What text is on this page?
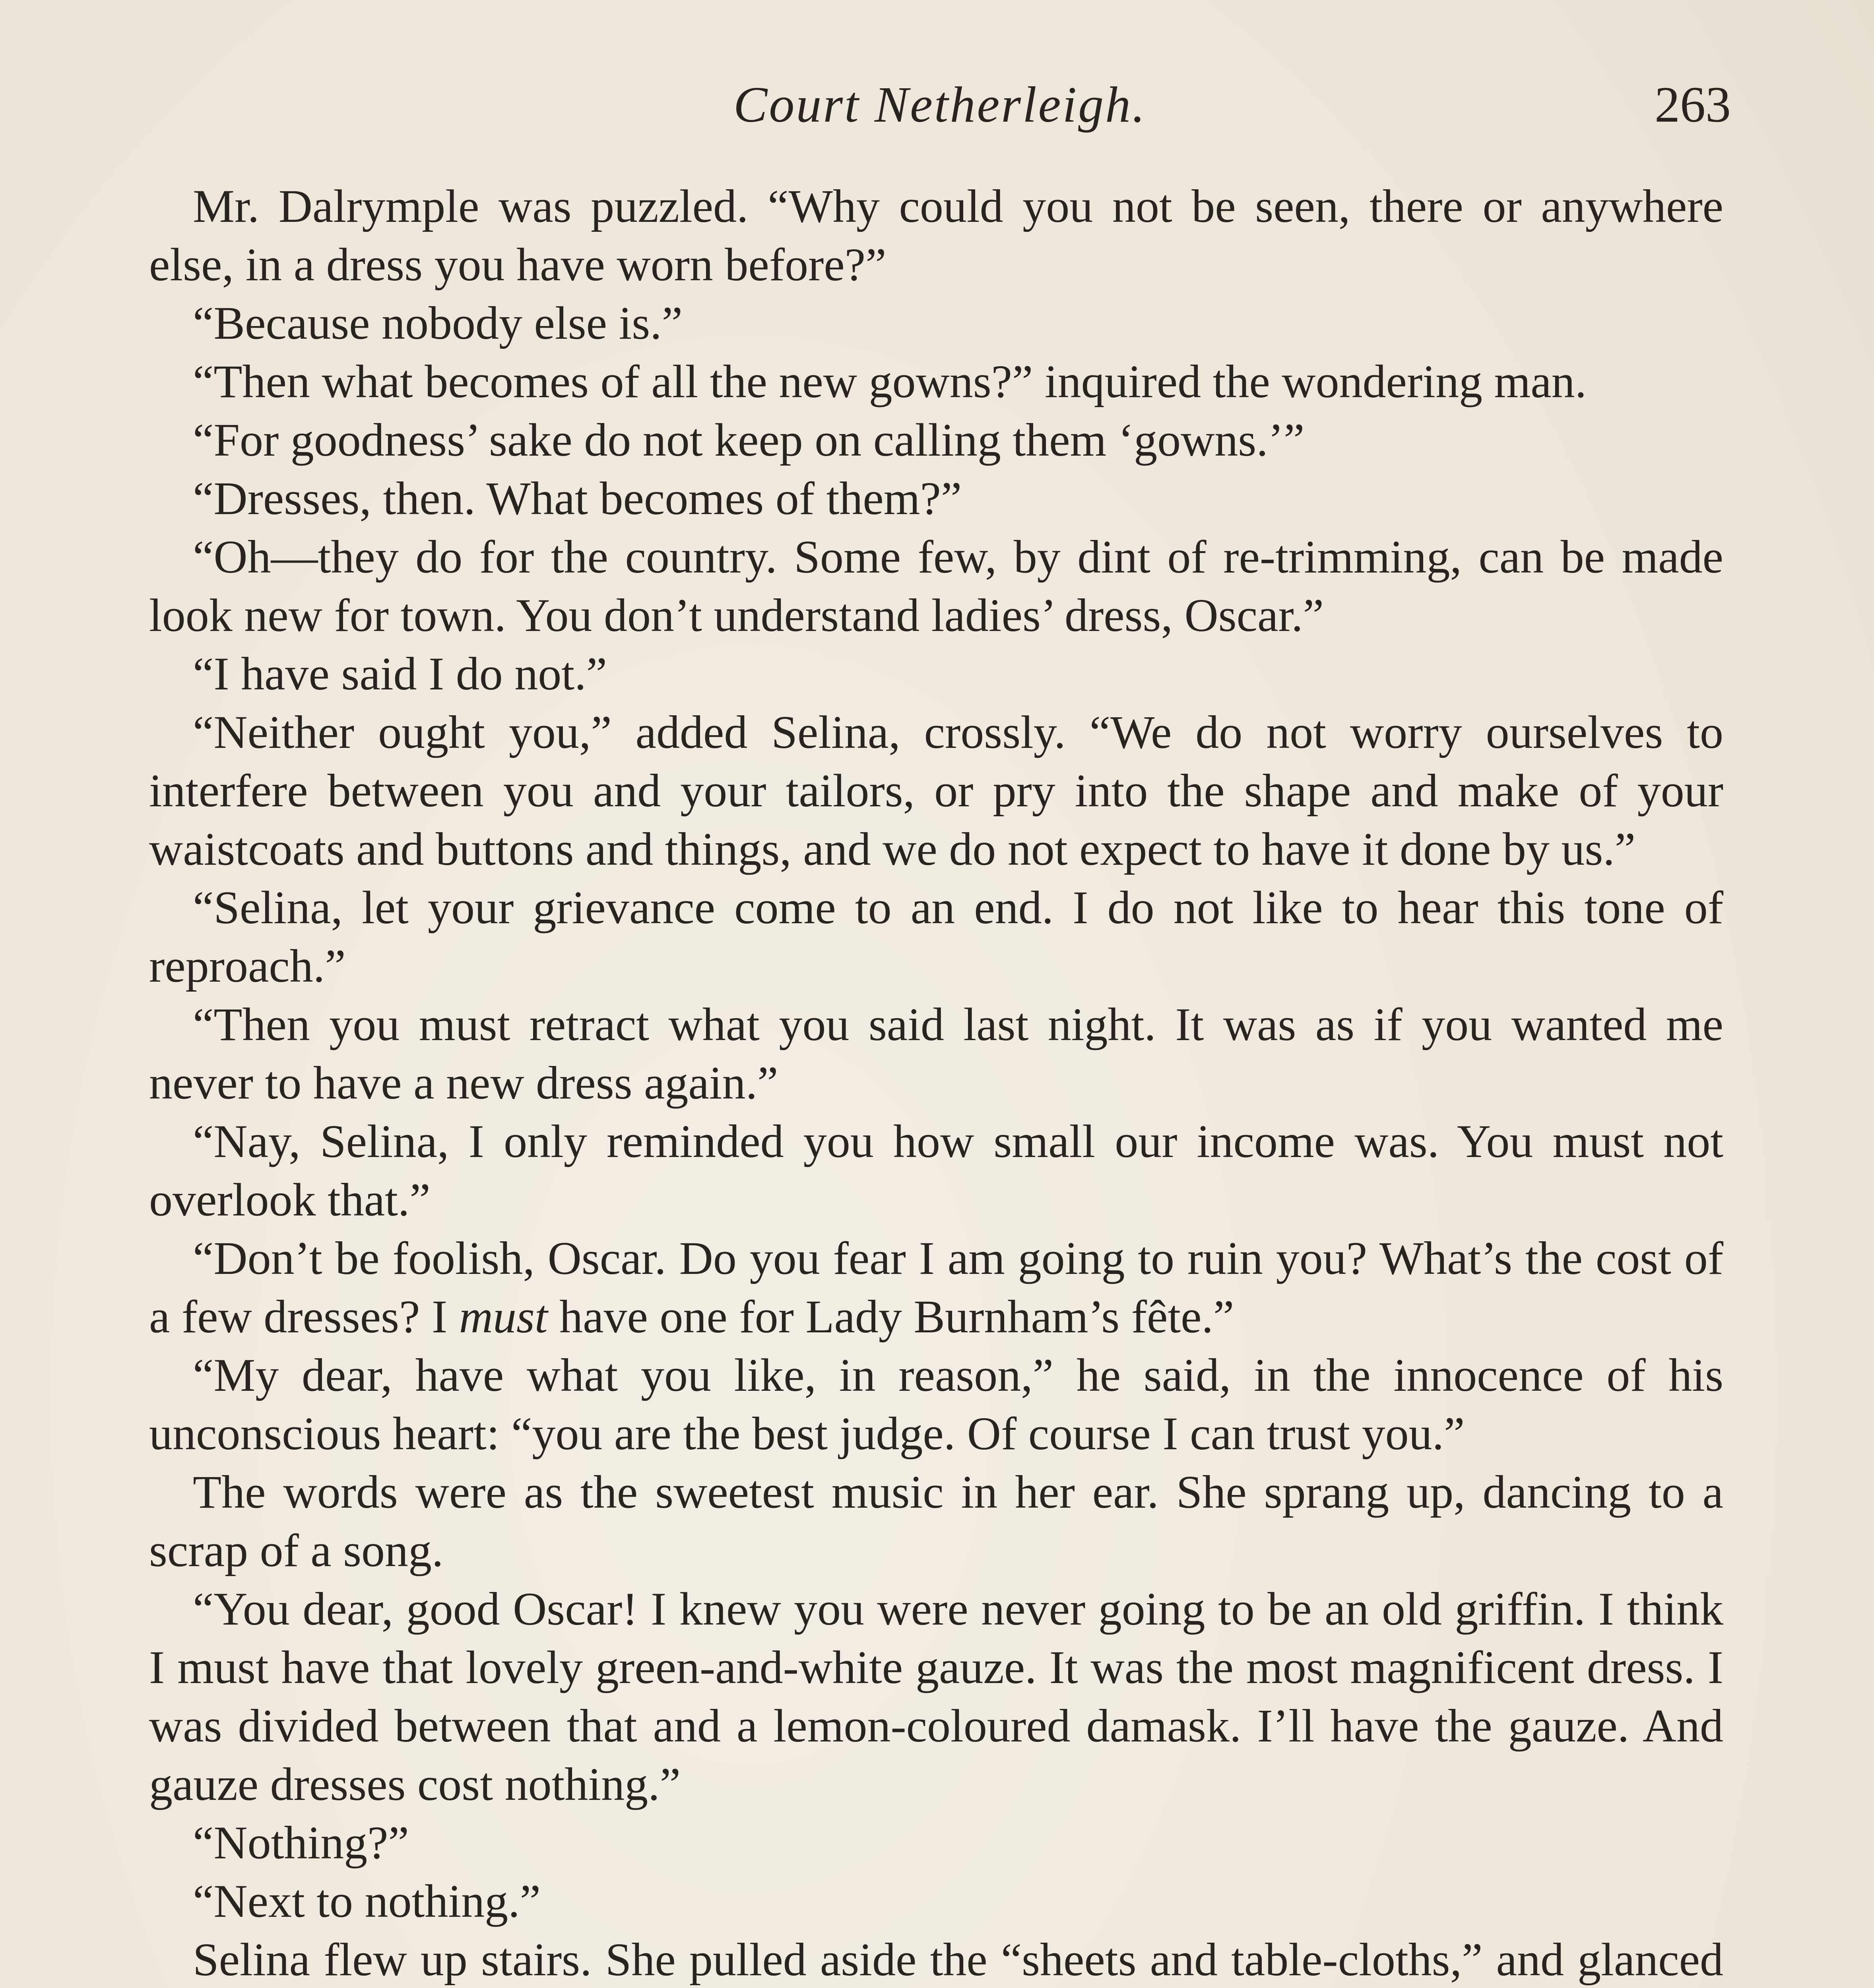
Court Netherleigh.	263

Mr. Dalrymple was puzzled. “Why could you not be seen, there or anywhere else, in a dress you have worn before?”

“Because nobody else is.”

“Then what becomes of all the new gowns?” inquired the wondering man.

“For goodness’ sake do not keep on calling them ‘gowns.’”

“Dresses, then. What becomes of them?”

“Oh—they do for the country. Some few, by dint of re-trimming, can be made look new for town. You don’t understand ladies’ dress, Oscar.”

“I have said I do not.”

“Neither ought you,” added Selina, crossly. “We do not worry ourselves to interfere between you and your tailors, or pry into the shape and make of your waistcoats and buttons and things, and we do not expect to have it done by us.”

“Selina, let your grievance come to an end. I do not like to hear this tone of reproach.”

“Then you must retract what you said last night. It was as if you wanted me never to have a new dress again.”

“Nay, Selina, I only reminded you how small our income was. You must not overlook that.”

“Don’t be foolish, Oscar. Do you fear I am going to ruin you? What’s the cost of a few dresses? I must have one for Lady Burnham’s fête.”

“My dear, have what you like, in reason,” he said, in the innocence of his unconscious heart: “you are the best judge. Of course I can trust you.”

The words were as the sweetest music in her ear. She sprang up, dancing to a scrap of a song.

“You dear, good Oscar! I knew you were never going to be an old griffin. I think I must have that lovely green-and-white gauze. It was the most magnificent dress. I was divided between that and a lemon-coloured damask. I’ll have the gauze. And gauze dresses cost nothing.”

“Nothing?”

“Next to nothing.”

Selina flew up stairs. She pulled aside the “sheets and table-cloths,” and glanced
